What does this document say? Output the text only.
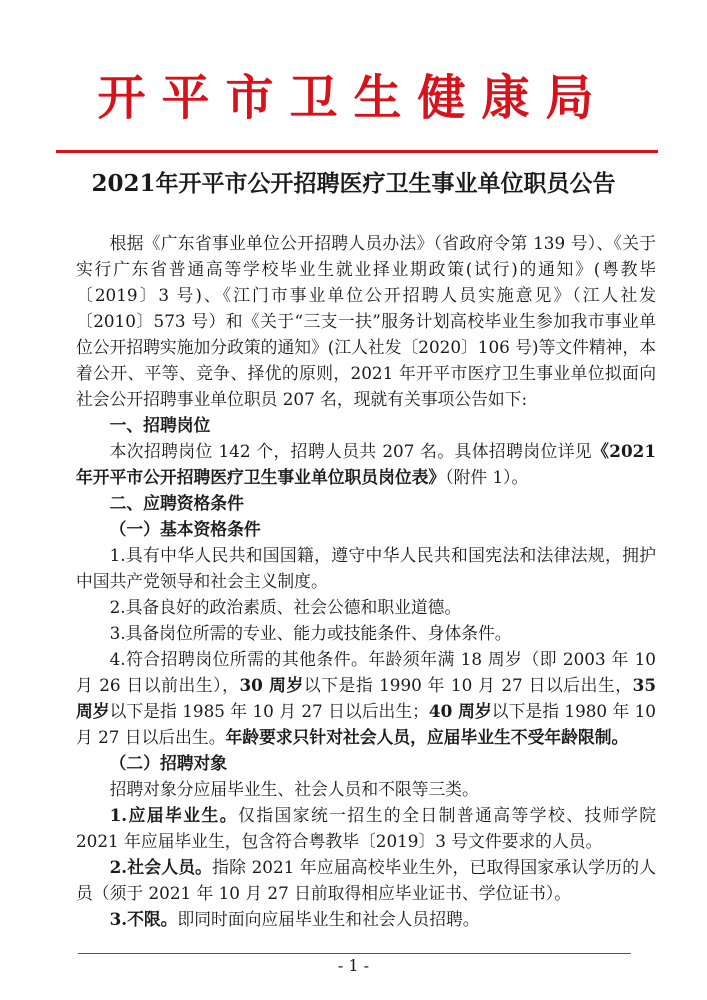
开平市卫生健康局
2021年开平市公开招聘医疗卫生事业单位职员公告

根据《广东省事业单位公开招聘人员办法》（省政府令第 139 号）、《关于实行广东省普通高等学校毕业生就业择业期政策(试行)的通知》(粤教毕〔2019〕3 号)、《江门市事业单位公开招聘人员实施意见》（江人社发〔2010〕573 号）和《关于“三支一扶”服务计划高校毕业生参加我市事业单位公开招聘实施加分政策的通知》(江人社发〔2020〕106 号)等文件精神，本着公开、平等、竞争、择优的原则，2021 年开平市医疗卫生事业单位拟面向社会公开招聘事业单位职员 207 名，现就有关事项公告如下:

一、招聘岗位

本次招聘岗位 142 个，招聘人员共 207 名。具体招聘岗位详见《2021年开平市公开招聘医疗卫生事业单位职员岗位表》（附件 1）。

二、应聘资格条件

（一）基本资格条件

1.具有中华人民共和国国籍，遵守中华人民共和国宪法和法律法规，拥护中国共产党领导和社会主义制度。

2.具备良好的政治素质、社会公德和职业道德。

3.具备岗位所需的专业、能力或技能条件、身体条件。

4.符合招聘岗位所需的其他条件。年龄须年满 18 周岁（即 2003 年 10 月 26 日以前出生），30 周岁以下是指 1990 年 10 月 27 日以后出生，35 周岁以下是指 1985 年 10 月 27 日以后出生；40 周岁以下是指 1980 年 10 月 27 日以后出生。年龄要求只针对社会人员，应届毕业生不受年龄限制。

（二）招聘对象

招聘对象分应届毕业生、社会人员和不限等三类。

1.应届毕业生。仅指国家统一招生的全日制普通高等学校、技师学院 2021 年应届毕业生，包含符合粤教毕〔2019〕3 号文件要求的人员。

2.社会人员。指除 2021 年应届高校毕业生外，已取得国家承认学历的人员（须于 2021 年 10 月 27 日前取得相应毕业证书、学位证书）。

3.不限。即同时面向应届毕业生和社会人员招聘。

- 1 -
